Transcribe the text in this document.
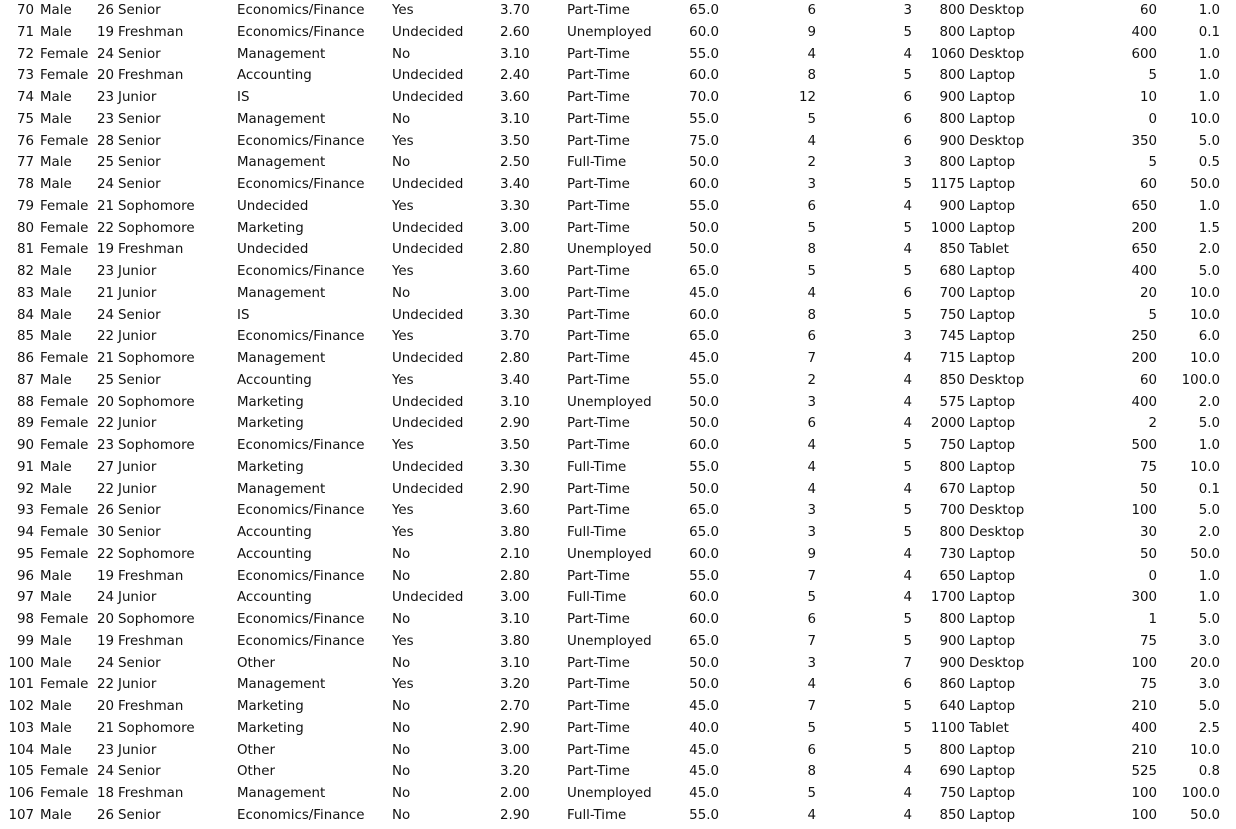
70 Male	26 Senior	Economics/Finance	Yes	3.70	Part-Time	65.0	6	3	800 Desktop	60	1.0
71 Male	19 Freshman	Economics/Finance	Undecided	2.60	Unemployed	60.0	9	5	800 Laptop	400	0.1
72 Female 24 Senior	Management	No	3.10	Part-Time	55.0	4	4	1060 Desktop	600	1.0
73 Female 20 Freshman	Accounting	Undecided	2.40	Part-Time	60.0	8	5	800 Laptop	5	1.0
74 Male	23 Junior	IS	Undecided	3.60	Part-Time	70.0	12	6	900 Laptop	10	1.0
75 Male	23 Senior	Management	No	3.10	Part-Time	55.0	5	6	800 Laptop	0	10.0
76 Female 28 Senior	Economics/Finance	Yes	3.50	Part-Time	75.0	4	6	900 Desktop	350	5.0
77 Male	25 Senior	Management	No	2.50	Full-Time	50.0	2	3	800 Laptop	5	0.5
78 Male	24 Senior	Economics/Finance	Undecided	3.40	Part-Time	60.0	3	5	1175 Laptop	60	50.0
79 Female 21 Sophomore	Undecided	Yes	3.30	Part-Time	55.0	6	4	900 Laptop	650	1.0
80 Female 22 Sophomore	Marketing	Undecided	3.00	Part-Time	50.0	5	5	1000 Laptop	200	1.5
81 Female 19 Freshman	Undecided	Undecided	2.80	Unemployed	50.0	8	4	850 Tablet	650	2.0
82 Male	23 Junior	Economics/Finance	Yes	3.60	Part-Time	65.0	5	5	680 Laptop	400	5.0
83 Male	21 Junior	Management	No	3.00	Part-Time	45.0	4	6	700 Laptop	20	10.0
84 Male	24 Senior	IS	Undecided	3.30	Part-Time	60.0	8	5	750 Laptop	5	10.0
85 Male	22 Junior	Economics/Finance	Yes	3.70	Part-Time	65.0	6	3	745 Laptop	250	6.0
86 Female 21 Sophomore	Management	Undecided	2.80	Part-Time	45.0	7	4	715 Laptop	200	10.0
87 Male	25 Senior	Accounting	Yes	3.40	Part-Time	55.0	2	4	850 Desktop	60	100.0
88 Female 20 Sophomore	Marketing	Undecided	3.10	Unemployed	50.0	3	4	575 Laptop	400	2.0
89 Female 22 Junior	Marketing	Undecided	2.90	Part-Time	50.0	6	4	2000 Laptop	2	5.0
90 Female 23 Sophomore	Economics/Finance	Yes	3.50	Part-Time	60.0	4	5	750 Laptop	500	1.0
91 Male	27 Junior	Marketing	Undecided	3.30	Full-Time	55.0	4	5	800 Laptop	75	10.0
92 Male	22 Junior	Management	Undecided	2.90	Part-Time	50.0	4	4	670 Laptop	50	0.1
93 Female 26 Senior	Economics/Finance	Yes	3.60	Part-Time	65.0	3	5	700 Desktop	100	5.0
94 Female 30 Senior	Accounting	Yes	3.80	Full-Time	65.0	3	5	800 Desktop	30	2.0
95 Female 22 Sophomore	Accounting	No	2.10	Unemployed	60.0	9	4	730 Laptop	50	50.0
96 Male	19 Freshman	Economics/Finance	No	2.80	Part-Time	55.0	7	4	650 Laptop	0	1.0
97 Male	24 Junior	Accounting	Undecided	3.00	Full-Time	60.0	5	4	1700 Laptop	300	1.0
98 Female 20 Sophomore	Economics/Finance	No	3.10	Part-Time	60.0	6	5	800 Laptop	1	5.0
99 Male	19 Freshman	Economics/Finance	Yes	3.80	Unemployed	65.0	7	5	900 Laptop	75	3.0
100 Male	24 Senior	Other	No	3.10	Part-Time	50.0	3	7	900 Desktop	100	20.0
101 Female 22 Junior	Management	Yes	3.20	Part-Time	50.0	4	6	860 Laptop	75	3.0
102 Male	20 Freshman	Marketing	No	2.70	Part-Time	45.0	7	5	640 Laptop	210	5.0
103 Male	21 Sophomore	Marketing	No	2.90	Part-Time	40.0	5	5	1100 Tablet	400	2.5
104 Male	23 Junior	Other	No	3.00	Part-Time	45.0	6	5	800 Laptop	210	10.0
105 Female 24 Senior	Other	No	3.20	Part-Time	45.0	8	4	690 Laptop	525	0.8
106 Female 18 Freshman	Management	No	2.00	Unemployed	45.0	5	4	750 Laptop	100	100.0
107 Male	26 Senior	Economics/Finance	No	2.90	Full-Time	55.0	4	4	850 Laptop	100	50.0
